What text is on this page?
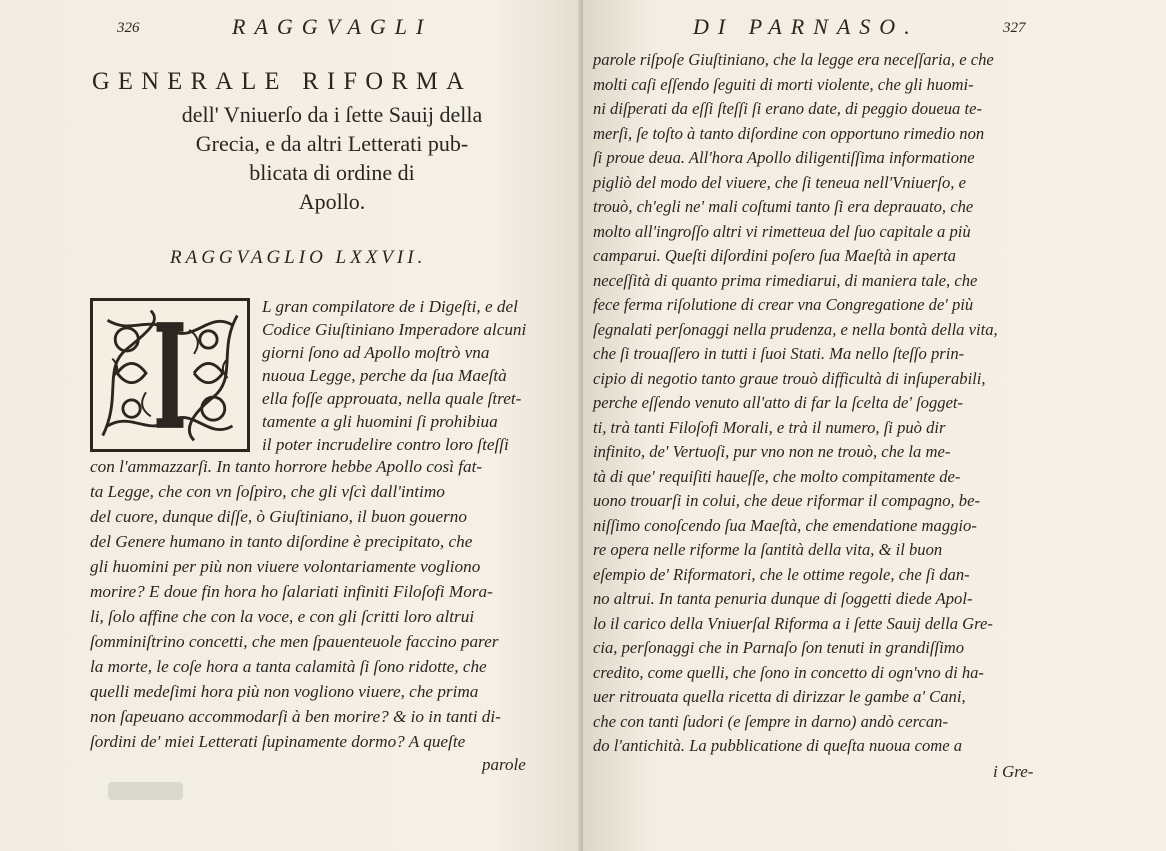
326	RAGGVAGLI
GENERALE RIFORMA
dell' Vniuerſo da i ſette Sauij della
Grecia, e da altri Letterati pub-
blicata di ordine di
Apollo.
RAGGVAGLIO LXXVII.
L gran compilatore de i Digeſti, e del
Codice Giuſtiniano Imperadore alcuni
giorni ſono ad Apollo moſtrò vna
nuoua Legge, perche da ſua Maeſtà
ella foſſe approuata, nella quale ſtret-
tamente a gli huomini ſi prohibiua
il poter incrudelire contro loro ſteſſi
con l'ammazzarſi. In tanto horrore hebbe Apollo così fat-
ta Legge, che con vn ſoſpiro, che gli vſcì dall'intimo
del cuore, dunque diſſe, ò Giuſtiniano, il buon gouerno
del Genere humano in tanto diſordine è precipitato, che
gli huomini per più non viuere volontariamente vogliono
morire? E doue fin hora ho ſalariati infiniti Filoſofi Mora-
li, ſolo affine che con la voce, e con gli ſcritti loro altrui
ſomminiſtrino concetti, che men ſpauenteuole faccino parer
la morte, le coſe hora a tanta calamità ſi ſono ridotte, che
quelli medeſimi hora più non vogliono viuere, che prima
non ſapeuano accommodarſi à ben morire? & io in tanti di-
ſordini de' miei Letterati ſupinamente dormo? A queſte
parole
DI PARNASO.	327
parole riſpoſe Giuſtiniano, che la legge era neceſſaria, e che
molti caſi eſſendo ſeguiti di morti violente, che gli huomi-
ni diſperati da eſſi ſteſſi ſi erano date, di peggio doueua te-
merſi, ſe toſto à tanto diſordine con opportuno rimedio non
ſi proue deua. All'hora Apollo diligentiſſima informatione
pigliò del modo del viuere, che ſi teneua nell'Vniuerſo, e
trouò, ch'egli ne' mali coſtumi tanto ſi era deprauato, che
molto all'ingroſſo altri vi rimetteua del ſuo capitale a più
camparui. Queſti diſordini poſero ſua Maeſtà in aperta
neceſſità di quanto prima rimediarui, di maniera tale, che
fece ferma riſolutione di crear vna Congregatione de' più
ſegnalati perſonaggi nella prudenza, e nella bontà della vita,
che ſi trouaſſero in tutti i ſuoi Stati. Ma nello ſteſſo prin-
cipio di negotio tanto graue trouò difficultà di inſuperabili,
perche eſſendo venuto all'atto di far la ſcelta de' ſogget-
ti, trà tanti Filoſofi Morali, e trà il numero, ſi può dir
infinito, de' Vertuoſi, pur vno non ne trouò, che la me-
tà di que' requiſiti haueſſe, che molto compitamente de-
uono trouarſi in colui, che deue riformar il compagno, be-
niſſimo conoſcendo ſua Maeſtà, che emendatione maggio-
re opera nelle riforme la ſantità della vita, & il buon
eſempio de' Riformatori, che le ottime regole, che ſi dan-
no altrui. In tanta penuria dunque di ſoggetti diede Apol-
lo il carico della Vniuerſal Riforma a i ſette Sauij della Gre-
cia, perſonaggi che in Parnaſo ſon tenuti in grandiſſimo
credito, come quelli, che ſono in concetto di ogn'vno di ha-
uer ritrouata quella ricetta di dirizzar le gambe a' Cani,
che con tanti ſudori (e ſempre in darno) andò cercan-
do l'antichità. La pubblicatione di queſta nuoua come a
i Gre-
